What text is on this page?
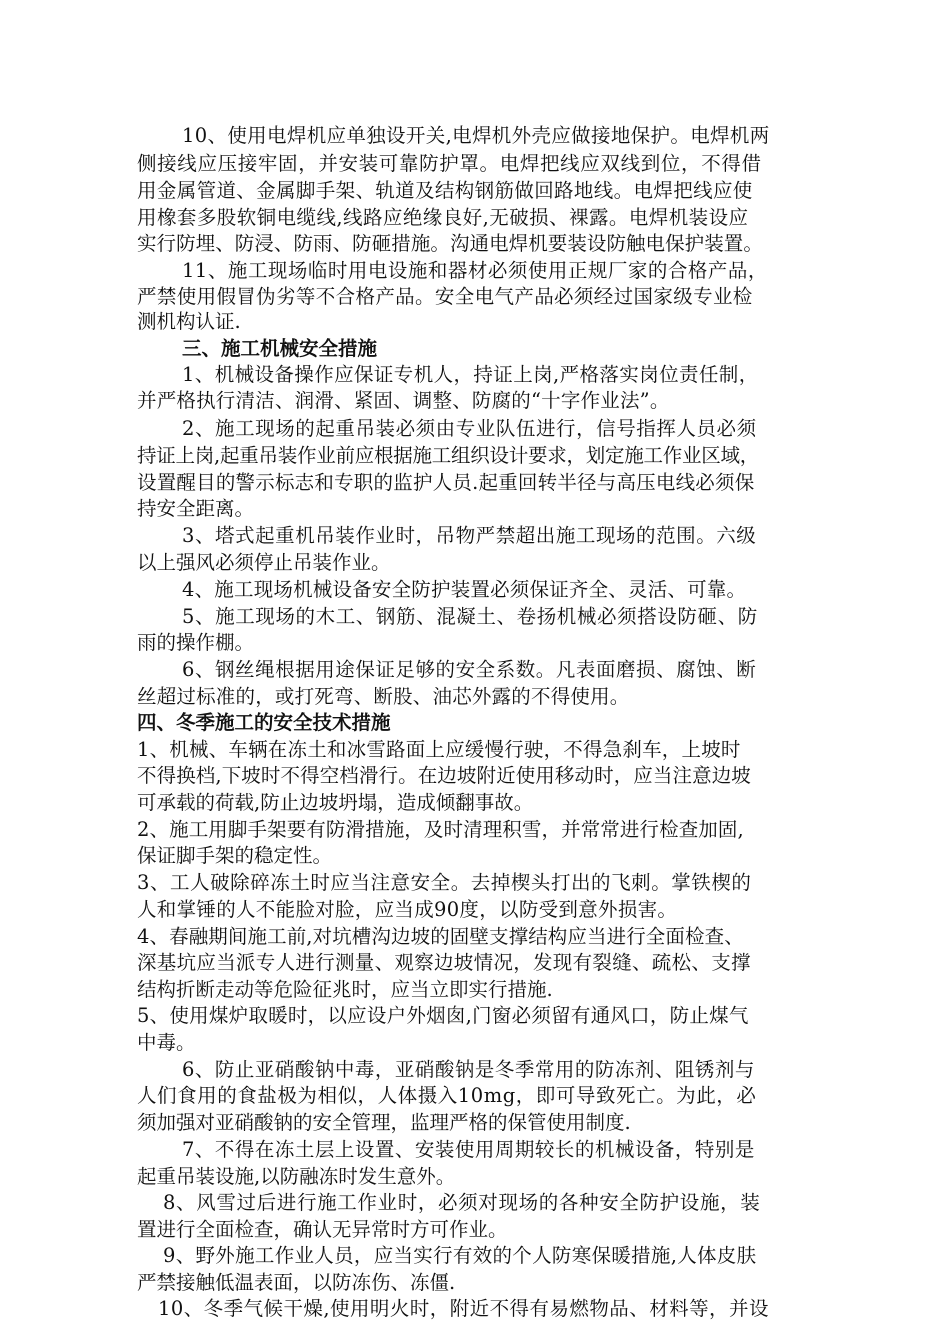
10、使用电焊机应单独设开关,电焊机外壳应做接地保护。电焊机两
侧接线应压接牢固，并安装可靠防护罩。电焊把线应双线到位，不得借
用金属管道、金属脚手架、轨道及结构钢筋做回路地线。电焊把线应使
用橡套多股软铜电缆线,线路应绝缘良好,无破损、裸露。电焊机装设应
实行防埋、防浸、防雨、防砸措施。沟通电焊机要装设防触电保护装置。
11、施工现场临时用电设施和器材必须使用正规厂家的合格产品，
严禁使用假冒伪劣等不合格产品。安全电气产品必须经过国家级专业检
测机构认证.
三、施工机械安全措施
1、机械设备操作应保证专机人，持证上岗,严格落实岗位责任制，
并严格执行清洁、润滑、紧固、调整、防腐的“十字作业法”。
2、施工现场的起重吊装必须由专业队伍进行，信号指挥人员必须
持证上岗,起重吊装作业前应根据施工组织设计要求，划定施工作业区域，
设置醒目的警示标志和专职的监护人员.起重回转半径与高压电线必须保
持安全距离。
3、塔式起重机吊装作业时，吊物严禁超出施工现场的范围。六级
以上强风必须停止吊装作业。
4、施工现场机械设备安全防护装置必须保证齐全、灵活、可靠。
5、施工现场的木工、钢筋、混凝土、卷扬机械必须搭设防砸、防
雨的操作棚。
6、钢丝绳根据用途保证足够的安全系数。凡表面磨损、腐蚀、断
丝超过标准的，或打死弯、断股、油芯外露的不得使用。
四、冬季施工的安全技术措施
1、机械、车辆在冻土和冰雪路面上应缓慢行驶，不得急刹车，上坡时
不得换档,下坡时不得空档滑行。在边坡附近使用移动时，应当注意边坡
可承载的荷载,防止边坡坍塌，造成倾翻事故。
2、施工用脚手架要有防滑措施，及时清理积雪，并常常进行检查加固,
保证脚手架的稳定性。
3、工人破除碎冻土时应当注意安全。去掉楔头打出的飞刺。掌铁楔的
人和掌锤的人不能脸对脸，应当成90度，以防受到意外损害。
4、春融期间施工前,对坑槽沟边坡的固壁支撑结构应当进行全面检查、
深基坑应当派专人进行测量、观察边坡情况，发现有裂缝、疏松、支撑
结构折断走动等危险征兆时，应当立即实行措施.
5、使用煤炉取暖时，以应设户外烟囱,门窗必须留有通风口，防止煤气
中毒。
6、防止亚硝酸钠中毒，亚硝酸钠是冬季常用的防冻剂、阻锈剂与
人们食用的食盐极为相似，人体摄入10mg，即可导致死亡。为此，必
须加强对亚硝酸钠的安全管理，监理严格的保管使用制度.
7、不得在冻土层上设置、安装使用周期较长的机械设备，特别是
起重吊装设施,以防融冻时发生意外。
8、风雪过后进行施工作业时，必须对现场的各种安全防护设施，装
置进行全面检查，确认无异常时方可作业。
9、野外施工作业人员，应当实行有效的个人防寒保暖措施,人体皮肤
严禁接触低温表面，以防冻伤、冻僵.
10、冬季气候干燥,使用明火时，附近不得有易燃物品、材料等，并设
